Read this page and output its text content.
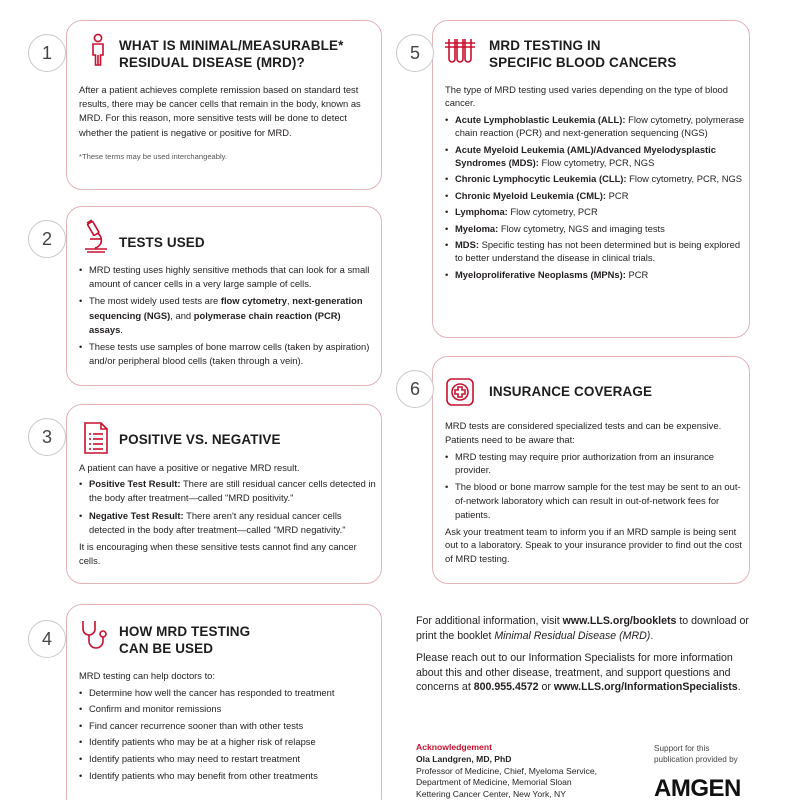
WHAT IS MINIMAL/MEASURABLE*
RESIDUAL DISEASE (MRD)?

After a patient achieves complete remission based on standard test results, there may be cancer cells that remain in the body, known as MRD. For this reason, more sensitive tests will be done to detect whether the patient is negative or positive for MRD.

*These terms may be used interchangeably.

1
TESTS USED
• MRD testing uses highly sensitive methods that can look for a small amount of cancer cells in a very large sample of cells.
• The most widely used tests are flow cytometry, next-generation sequencing (NGS), and polymerase chain reaction (PCR) assays.
• These tests use samples of bone marrow cells (taken by aspiration) and/or peripheral blood cells (taken through a vein).
2
POSITIVE VS. NEGATIVE

A patient can have a positive or negative MRD result.

• Positive Test Result: There are still residual cancer cells detected in the body after treatment—called "MRD positivity."
• Negative Test Result: There aren't any residual cancer cells detected in the body after treatment—called "MRD negativity."

It is encouraging when these sensitive tests cannot find any cancer cells.

3
HOW MRD TESTING
CAN BE USED

MRD testing can help doctors to:

• Determine how well the cancer has responded to treatment
• Confirm and monitor remissions
• Find cancer recurrence sooner than with other tests
• Identify patients who may be at a higher risk of relapse
• Identify patients who may need to restart treatment
• Identify patients who may benefit from other treatments
4
MRD TESTING IN
SPECIFIC BLOOD CANCERS

The type of MRD testing used varies depending on the type of blood cancer.

• Acute Lymphoblastic Leukemia (ALL): Flow cytometry, polymerase chain reaction (PCR) and next-generation sequencing (NGS)
• Acute Myeloid Leukemia (AML)/Advanced Myelodysplastic Syndromes (MDS): Flow cytometry, PCR, NGS
• Chronic Lymphocytic Leukemia (CLL): Flow cytometry, PCR, NGS
• Chronic Myeloid Leukemia (CML): PCR
• Lymphoma: Flow cytometry, PCR
• Myeloma: Flow cytometry, NGS and imaging tests
• MDS: Specific testing has not been determined but is being explored to better understand the disease in clinical trials.
• Myeloproliferative Neoplasms (MPNs): PCR
5
INSURANCE COVERAGE

MRD tests are considered specialized tests and can be expensive. Patients need to be aware that:

• MRD testing may require prior authorization from an insurance provider.
• The blood or bone marrow sample for the test may be sent to an out-of-network laboratory which can result in out-of-network fees for patients.

Ask your treatment team to inform you if an MRD sample is being sent out to a laboratory. Speak to your insurance provider to find out the cost of MRD testing.

6

For additional information, visit www.LLS.org/booklets to download or print the booklet Minimal Residual Disease (MRD).

Please reach out to our Information Specialists for more information about this and other disease, treatment, and support questions and concerns at 800.955.4572 or www.LLS.org/InformationSpecialists.

Acknowledgement
Ola Landgren, MD, PhD
Professor of Medicine, Chief, Myeloma Service,
Department of Medicine, Memorial Sloan
Kettering Cancer Center, New York, NY
Support for this
publication provided by
AMGEN
